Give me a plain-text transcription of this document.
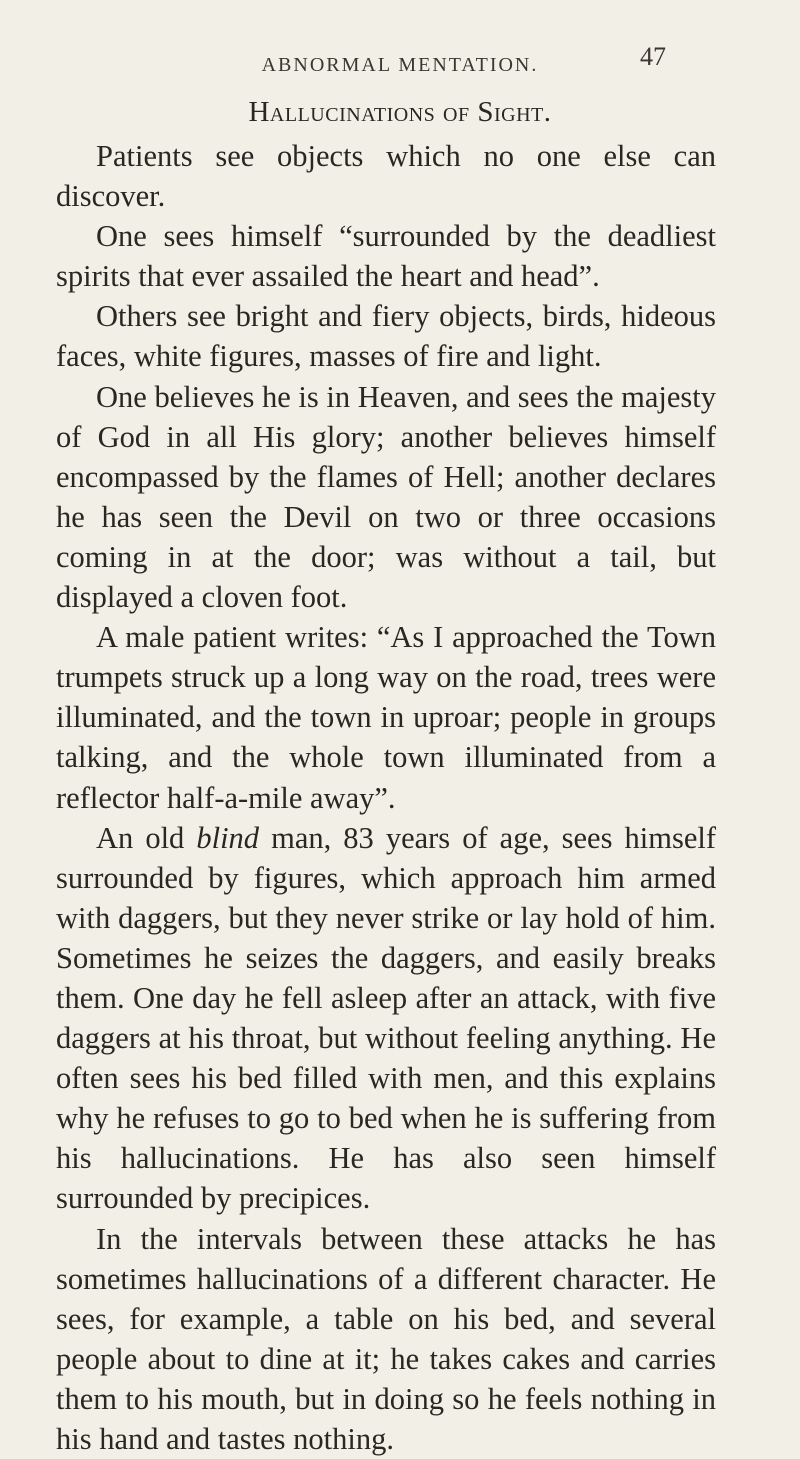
ABNORMAL MENTATION.	47
Hallucinations of Sight.

Patients see objects which no one else can discover.

One sees himself “surrounded by the deadliest spirits that ever assailed the heart and head”.

Others see bright and fiery objects, birds, hideous faces, white figures, masses of fire and light.

One believes he is in Heaven, and sees the majesty of God in all His glory; another believes himself encompassed by the flames of Hell; another declares he has seen the Devil on two or three occasions coming in at the door; was without a tail, but displayed a cloven foot.

A male patient writes: “As I approached the Town trumpets struck up a long way on the road, trees were illuminated, and the town in uproar; people in groups talking, and the whole town illuminated from a reflector half-a-mile away”.

An old blind man, 83 years of age, sees himself surrounded by figures, which approach him armed with daggers, but they never strike or lay hold of him. Sometimes he seizes the daggers, and easily breaks them. One day he fell asleep after an attack, with five daggers at his throat, but without feeling anything. He often sees his bed filled with men, and this explains why he refuses to go to bed when he is suffering from his hallucinations. He has also seen himself surrounded by precipices.

In the intervals between these attacks he has sometimes hallucinations of a different character. He sees, for example, a table on his bed, and several people about to dine at it; he takes cakes and carries them to his mouth, but in doing so he feels nothing in his hand and tastes nothing.
